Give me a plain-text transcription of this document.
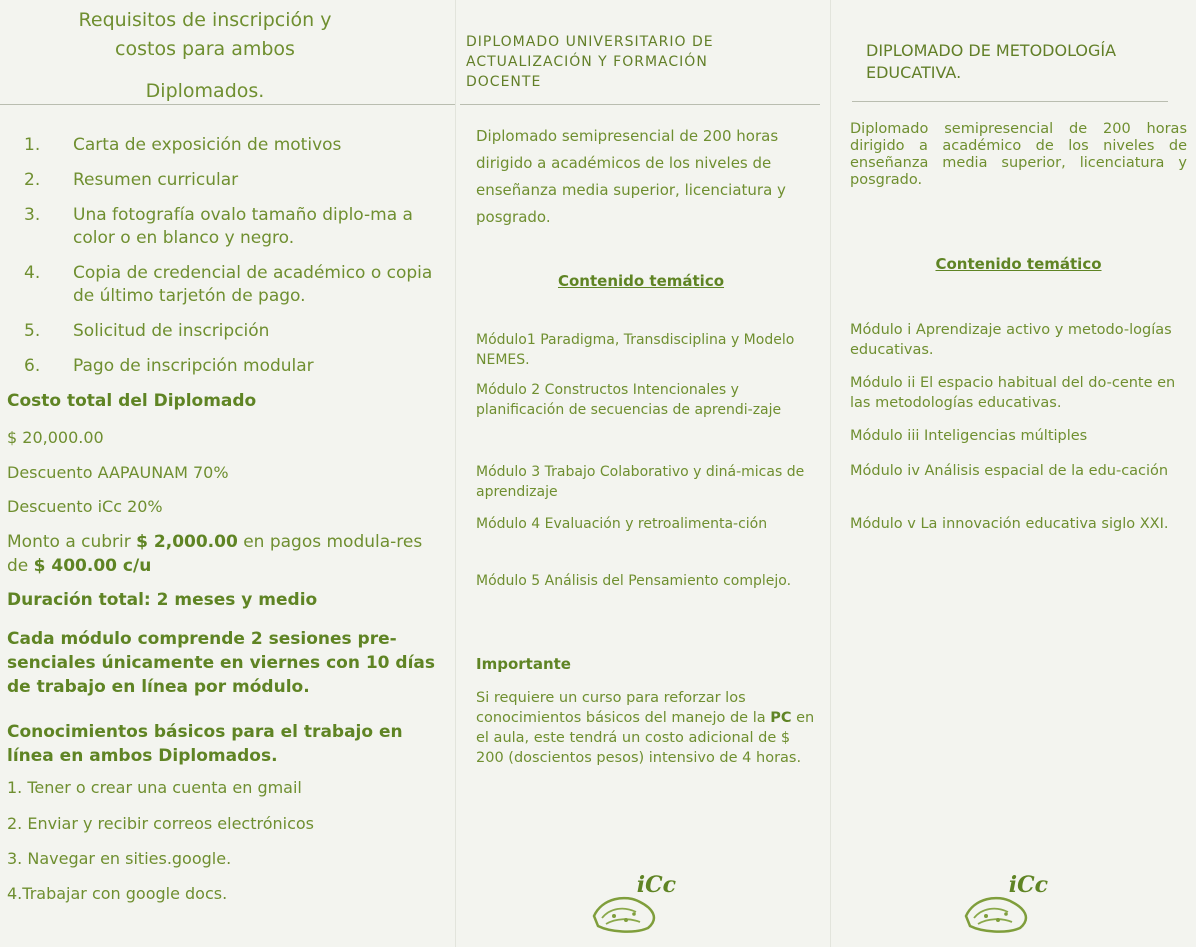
Requisitos de inscripción y
costos para ambos
Diplomados.
1.	Carta de exposición de motivos
2.	Resumen curricular
3.	Una fotografía ovalo tamaño diplo-ma a color o en blanco y negro.
4.	Copia de credencial de académico o copia de último tarjetón de pago.
5.	Solicitud de inscripción
6.	Pago de inscripción modular
Costo total del Diplomado
$ 20,000.00
Descuento AAPAUNAM 70%
Descuento iCc 20%
Monto a cubrir $ 2,000.00 en pagos modula-res de $ 400.00 c/u
Duración total: 2 meses y medio
Cada módulo comprende 2 sesiones pre-senciales únicamente en viernes con 10 días de trabajo en línea por módulo.
Conocimientos básicos para el trabajo en línea en ambos Diplomados.
1. Tener o crear una cuenta en gmail
2. Enviar y recibir correos electrónicos
3. Navegar en sities.google.
4.Trabajar con google docs.
DIPLOMADO UNIVERSITARIO DE
ACTUALIZACIÓN Y FORMACIÓN
DOCENTE
Diplomado semipresencial de 200 horas dirigido a académicos de los niveles de enseñanza media superior, licenciatura y posgrado.
Contenido temático
Módulo1 Paradigma, Transdisciplina y Modelo NEMES.
Módulo 2 Constructos Intencionales y planificación de secuencias de aprendi-zaje
Módulo 3 Trabajo Colaborativo y diná-micas de aprendizaje
Módulo 4 Evaluación y retroalimenta-ción
Módulo 5 Análisis del Pensamiento complejo.
Importante
Si requiere un curso para reforzar los conocimientos básicos del manejo de la PC en el aula, este tendrá un costo adicional de $ 200 (doscientos pesos) intensivo de 4 horas.
iCc
DIPLOMADO DE METODOLOGÍA
EDUCATIVA.
Diplomado semipresencial de 200 horas dirigido a académico de los niveles de enseñanza media superior, licenciatura y posgrado.
Contenido temático
Módulo i Aprendizaje activo y metodo-logías educativas.
Módulo ii El espacio habitual del do-cente en las metodologías educativas.
Módulo iii Inteligencias múltiples
Módulo iv Análisis espacial de la edu-cación
Módulo v La innovación educativa siglo XXI.
iCc
